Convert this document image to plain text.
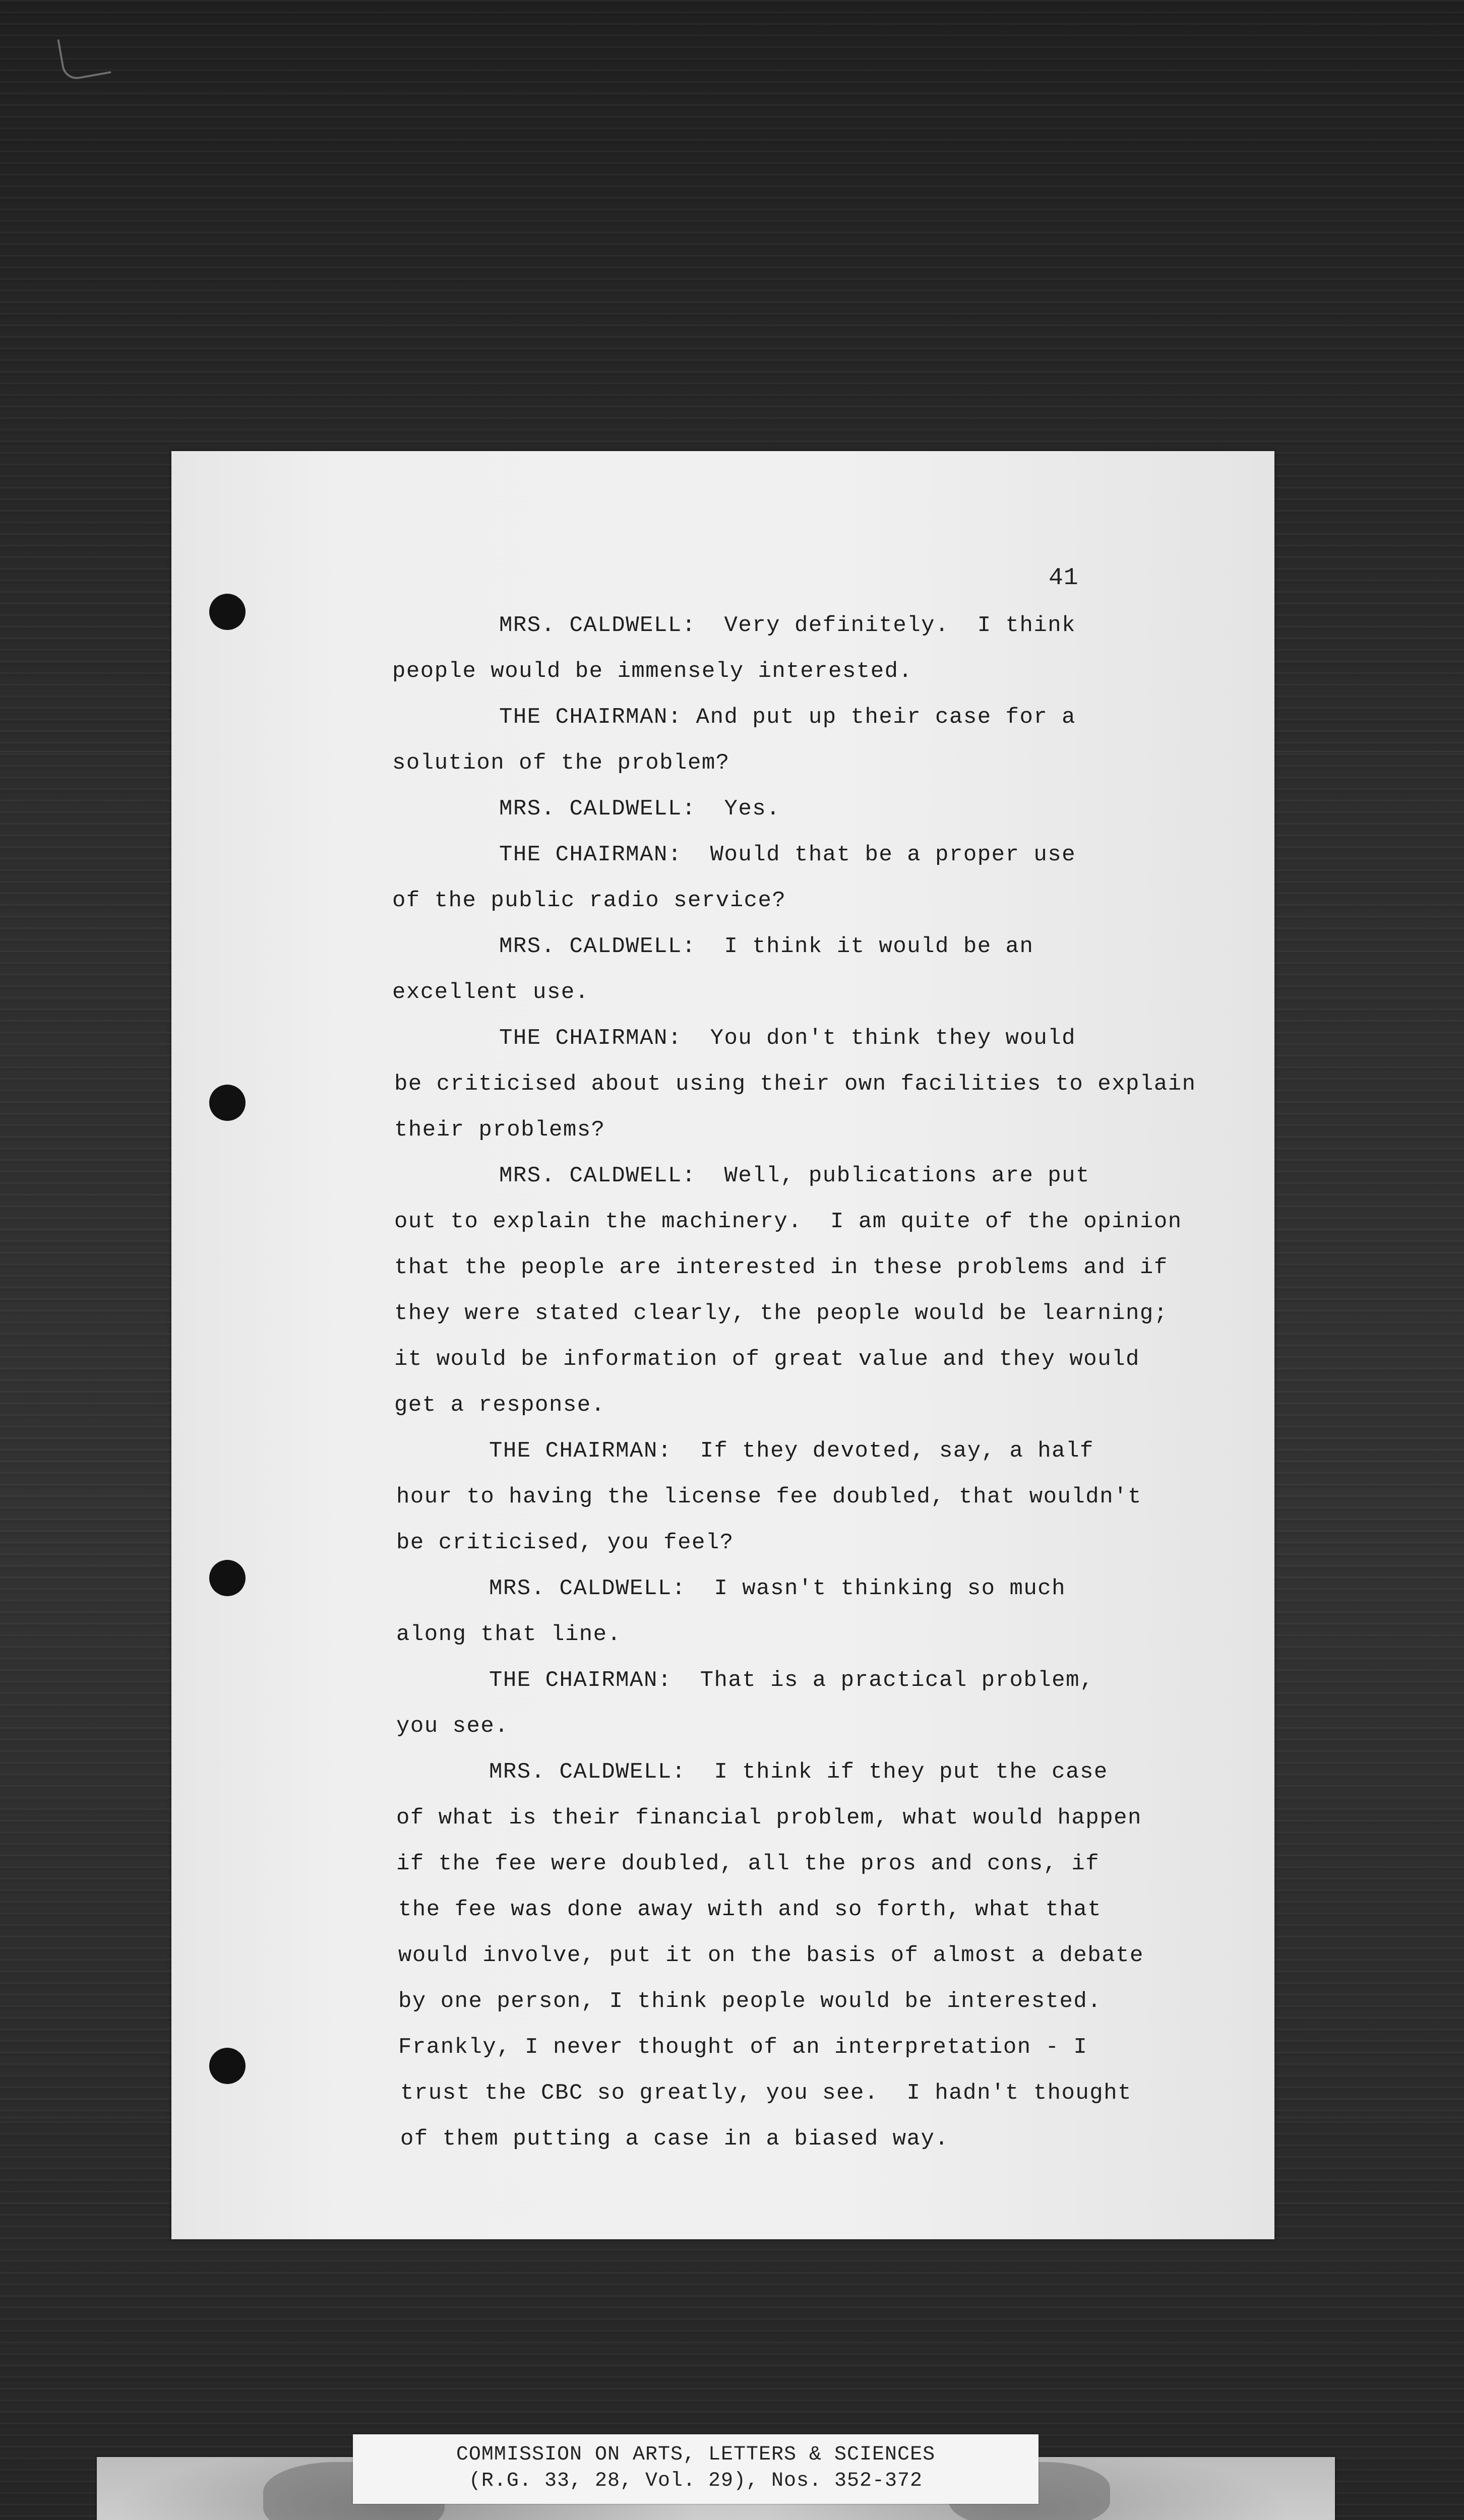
41
MRS. CALDWELL:  Very definitely.  I think
people would be immensely interested.
THE CHAIRMAN: And put up their case for a
solution of the problem?
MRS. CALDWELL:  Yes.
THE CHAIRMAN:  Would that be a proper use
of the public radio service?
MRS. CALDWELL:  I think it would be an
excellent use.
THE CHAIRMAN:  You don't think they would
be criticised about using their own facilities to explain
their problems?
MRS. CALDWELL:  Well, publications are put
out to explain the machinery.  I am quite of the opinion
that the people are interested in these problems and if
they were stated clearly, the people would be learning;
it would be information of great value and they would
get a response.
THE CHAIRMAN:  If they devoted, say, a half
hour to having the license fee doubled, that wouldn't
be criticised, you feel?
MRS. CALDWELL:  I wasn't thinking so much
along that line.
THE CHAIRMAN:  That is a practical problem,
you see.
MRS. CALDWELL:  I think if they put the case
of what is their financial problem, what would happen
if the fee were doubled, all the pros and cons, if
the fee was done away with and so forth, what that
would involve, put it on the basis of almost a debate
by one person, I think people would be interested.
Frankly, I never thought of an interpretation - I
trust the CBC so greatly, you see.  I hadn't thought
of them putting a case in a biased way.
COMMISSION ON ARTS, LETTERS & SCIENCES
(R.G. 33, 28, Vol. 29), Nos. 352-372
